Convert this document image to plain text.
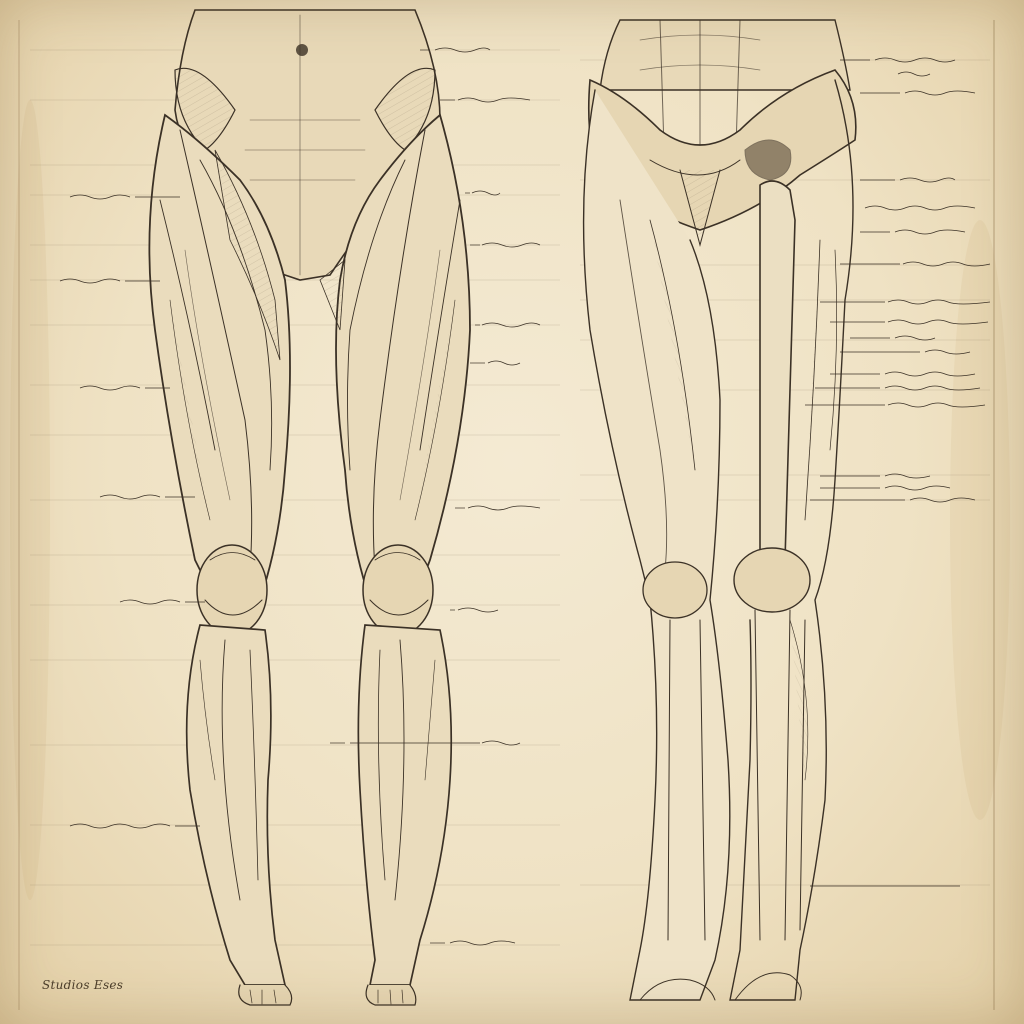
Studios Eses
